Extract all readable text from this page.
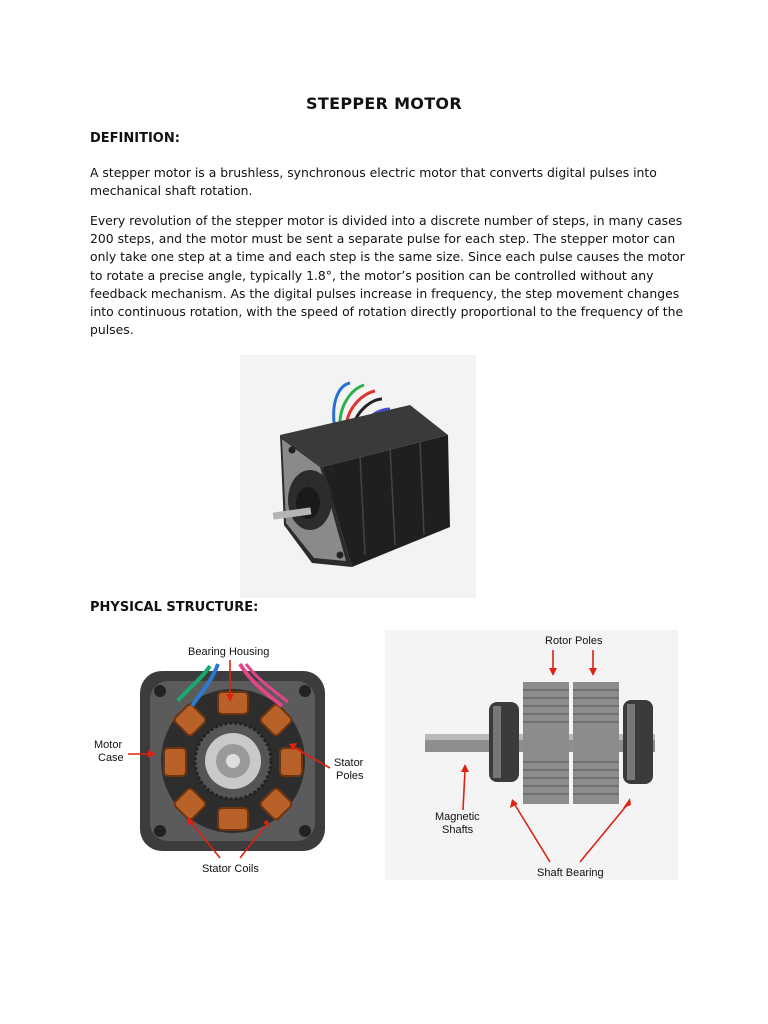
STEPPER MOTOR
DEFINITION:

A stepper motor is a brushless, synchronous electric motor that converts digital pulses into mechanical shaft rotation.

Every revolution of the stepper motor is divided into a discrete number of steps, in many cases 200 steps, and the motor must be sent a separate pulse for each step. The stepper motor can only take one step at a time and each step is the same size. Since each pulse causes the motor to rotate a precise angle, typically 1.8°, the motor’s position can be controlled without any feedback mechanism. As the digital pulses increase in frequency, the step movement changes into continuous rotation, with the speed of rotation directly proportional to the frequency of the pulses.

PHYSICAL STRUCTURE:
Bearing Housing
Motor
Case	Stator
Poles
Stator Coils
Rotor Poles
Magnetic
Shafts
Shaft Bearing
